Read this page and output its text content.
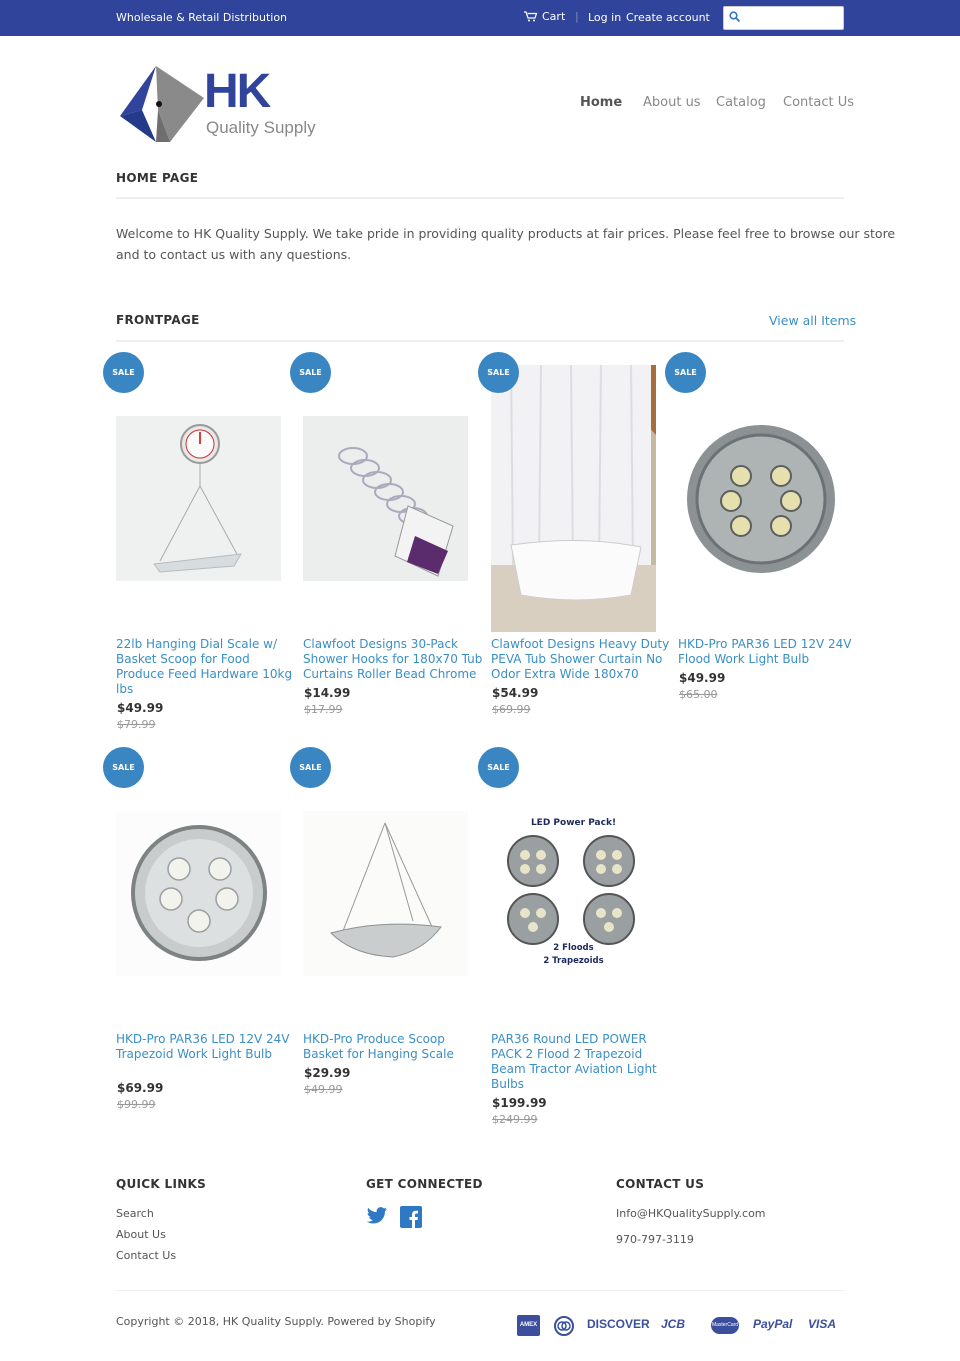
Wholesale & Retail Distribution	Cart | Log in Create account
HK
Quality Supply
Home About us Catalog Contact Us
HOME PAGE

Welcome to HK Quality Supply. We take pride in providing quality products at fair prices. Please feel free to browse our store and to contact us with any questions.

FRONTPAGE	View all Items
SALE
22lb Hanging Dial Scale w/ Basket Scoop for Food Produce Feed Hardware 10kg lbs
$49.99
$79.99
SALE
Clawfoot Designs 30-Pack Shower Hooks for 180x70 Tub Curtains Roller Bead Chrome
$14.99
$17.99
SALE
Clawfoot Designs Heavy Duty PEVA Tub Shower Curtain No Odor Extra Wide 180x70
$54.99
$69.99
SALE
HKD-Pro PAR36 LED 12V 24V Flood Work Light Bulb
$49.99
$65.00
SALE
HKD-Pro PAR36 LED 12V 24V Trapezoid Work Light Bulb
$69.99
$99.99
SALE
HKD-Pro Produce Scoop Basket for Hanging Scale
$29.99
$49.99
SALE
LED Power Pack!
2 Floods
2 Trapezoids
PAR36 Round LED POWER PACK 2 Flood 2 Trapezoid Beam Tractor Aviation Light Bulbs
$199.99
$249.99
QUICK LINKS
Search
About Us
Contact Us
GET CONNECTED	CONTACT US
Info@HKQualitySupply.com
970-797-3119

Copyright © 2018, HK Quality Supply. Powered by Shopify	AMEX	DISCOVER JCB	MasterCard PayPal VISA
